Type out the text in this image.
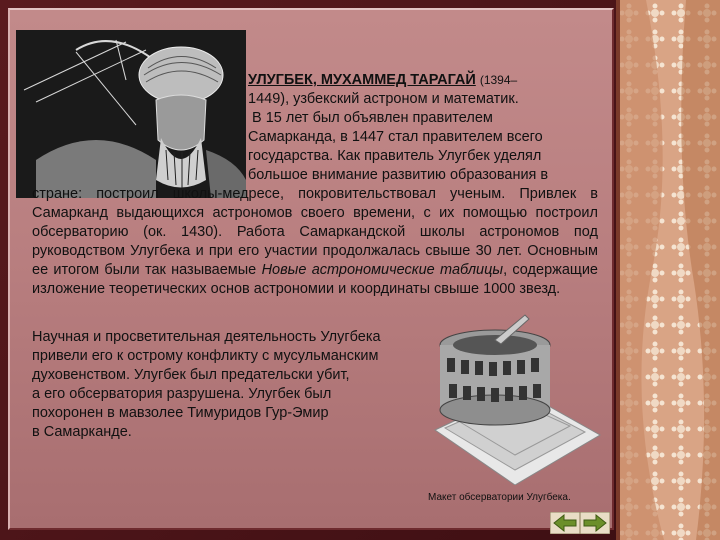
УЛУГБЕК, МУХАММЕД ТАРАГАЙ (1394–
1449), узбекский астроном и математик.
В 15 лет был объявлен правителем
Самарканда, в 1447 стал правителем всего
государства. Как правитель Улугбек уделял
большое внимание развитию образования в
стране: построил школы-медресе, покровительствовал ученым. Привлек в Самарканд выдающихся астрономов своего времени, с их помощью построил обсерваторию (ок. 1430). Работа Самаркандской школы астрономов под руководством Улугбека и при его участии продолжалась свыше 30 лет. Основным ее итогом были так называемые Новые астрономические таблицы, содержащие изложение теоретических основ астрономии и координаты свыше 1000 звезд.
Научная и просветительная деятельность Улугбека
привели его к острому конфликту с мусульманским
духовенством. Улугбек был предательски убит,
а его обсерватория разрушена. Улугбек был
похоронен в мавзолее Тимуридов Гур-Эмир
в Самарканде.
Макет обсерватории Улугбека.
